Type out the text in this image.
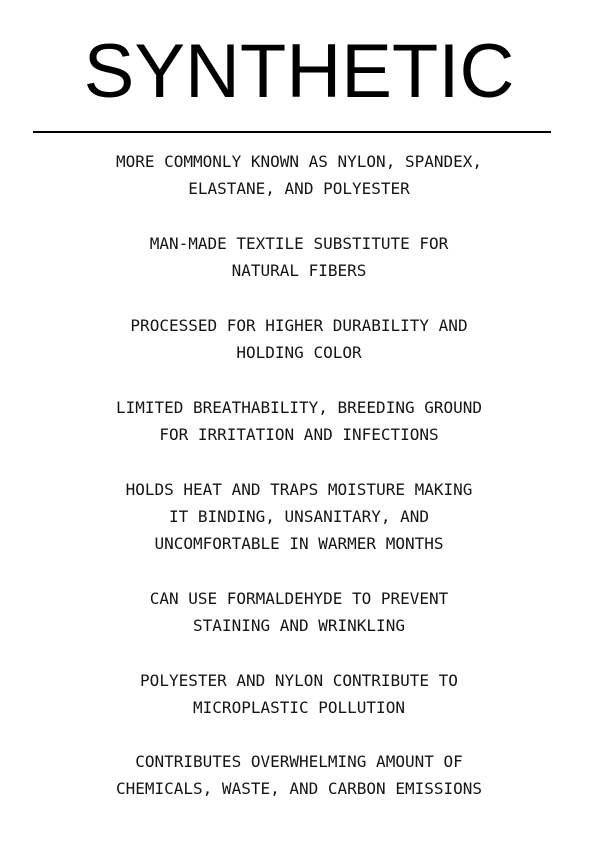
SYNTHETIC
MORE COMMONLY KNOWN AS NYLON, SPANDEX,
ELASTANE, AND POLYESTER
MAN-MADE TEXTILE SUBSTITUTE FOR
NATURAL FIBERS
PROCESSED FOR HIGHER DURABILITY AND
HOLDING COLOR
LIMITED BREATHABILITY, BREEDING GROUND
FOR IRRITATION AND INFECTIONS
HOLDS HEAT AND TRAPS MOISTURE MAKING
IT BINDING, UNSANITARY, AND
UNCOMFORTABLE IN WARMER MONTHS
CAN USE FORMALDEHYDE TO PREVENT
STAINING AND WRINKLING
POLYESTER AND NYLON CONTRIBUTE TO
MICROPLASTIC POLLUTION
CONTRIBUTES OVERWHELMING AMOUNT OF
CHEMICALS, WASTE, AND CARBON EMISSIONS
